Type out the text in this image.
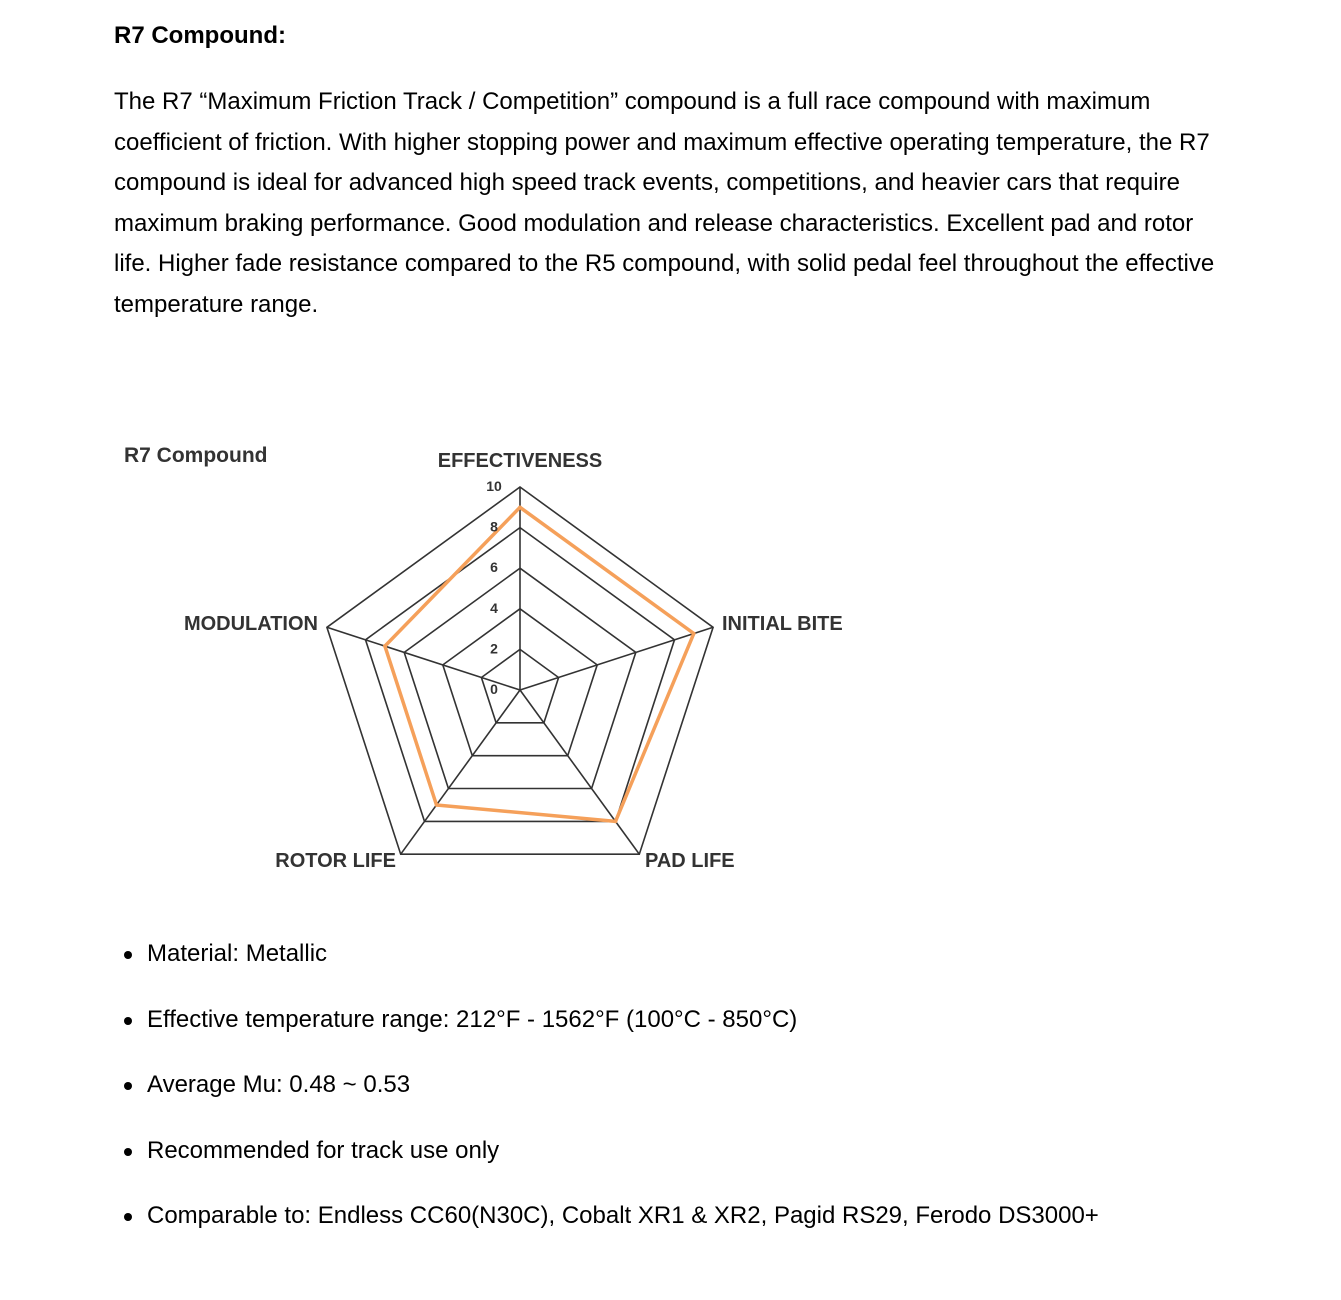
R7 Compound:

The R7 “Maximum Friction Track / Competition” compound is a full race compound with maximum coefficient of friction. With higher stopping power and maximum effective operating temperature, the R7 compound is ideal for advanced high speed track events, competitions, and heavier cars that require maximum braking performance. Good modulation and release characteristics. Excellent pad and rotor life. Higher fade resistance compared to the R5 compound, with solid pedal feel throughout the effective temperature range.

R7 Compound
0
2
4
6
8
10
EFFECTIVENESS
INITIAL BITE
PAD LIFE
ROTOR LIFE
MODULATION
Material: Metallic
Effective temperature range: 212°F - 1562°F (100°C - 850°C)
Average Mu: 0.48 ~ 0.53
Recommended for track use only
Comparable to: Endless CC60(N30C), Cobalt XR1 & XR2, Pagid RS29, Ferodo DS3000+
